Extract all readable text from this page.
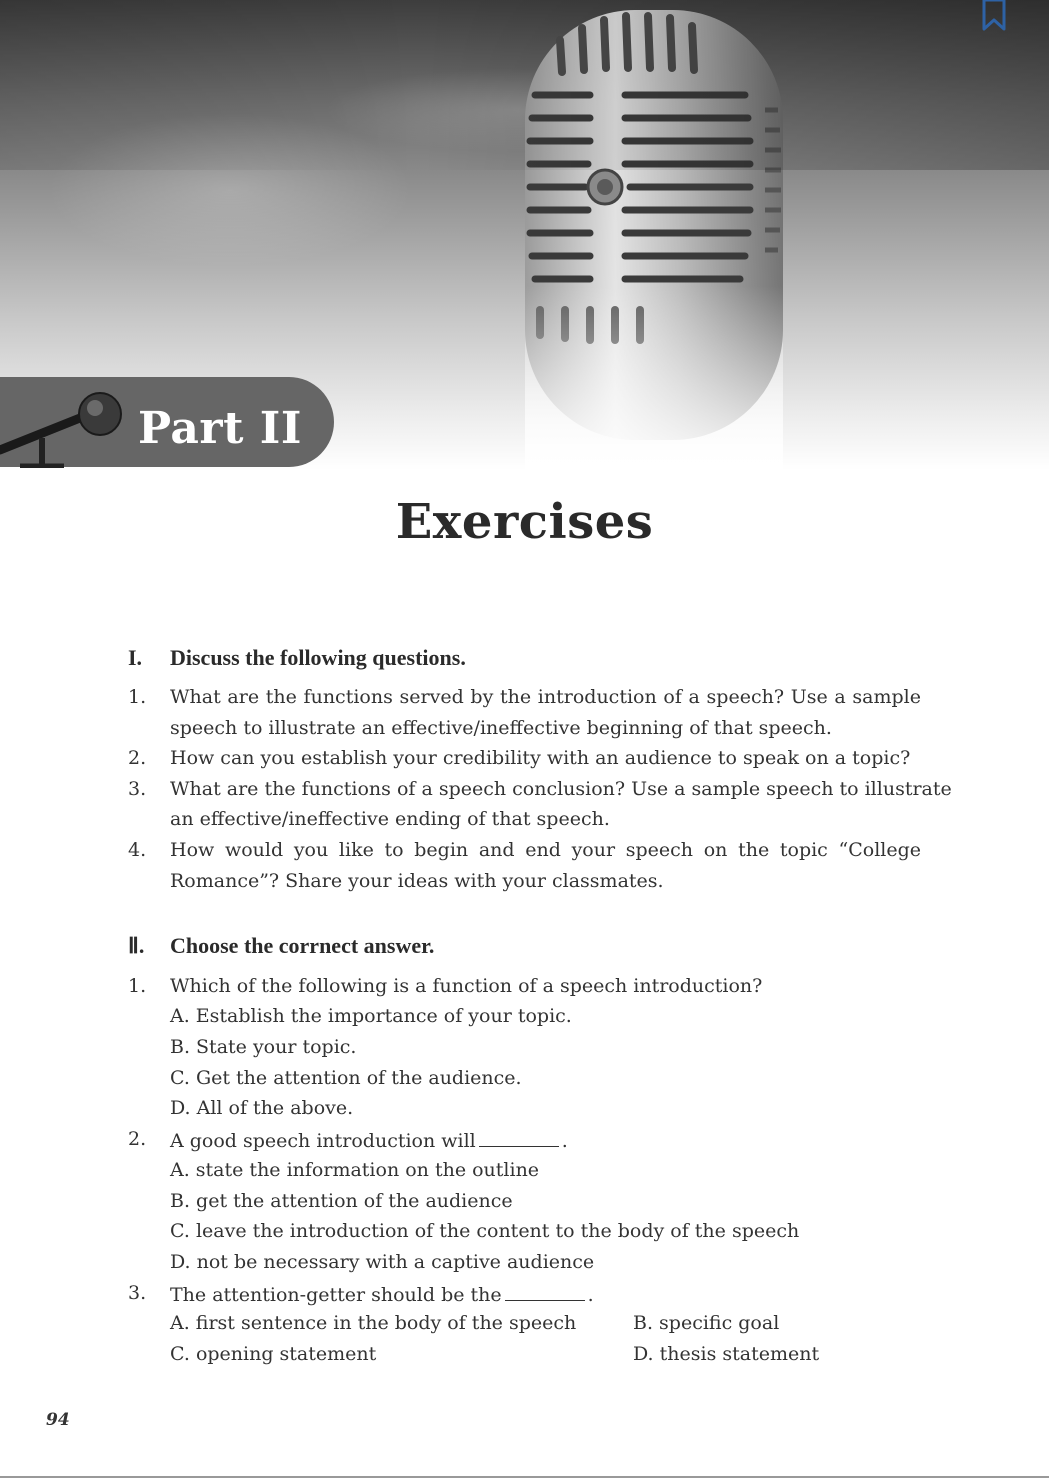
Part II
Exercises
I.	Discuss the following questions.
1. What are the functions served by the introduction of a speech? Use a sample
speech to illustrate an effective/ineffective beginning of that speech.
2. How can you establish your credibility with an audience to speak on a topic?
3. What are the functions of a speech conclusion? Use a sample speech to illustrate
an effective/ineffective ending of that speech.
4. How would you like to begin and end your speech on the topic “College
Romance”? Share your ideas with your classmates.
Ⅱ.	Choose the corrnect answer.
1. Which of the following is a function of a speech introduction?
A. Establish the importance of your topic.
B. State your topic.
C. Get the attention of the audience.
D. All of the above.
2. A good speech introduction will	.
A. state the information on the outline
B. get the attention of the audience
C. leave the introduction of the content to the body of the speech
D. not be necessary with a captive audience
3. The attention-getter should be the	.
A. first sentence in the body of the speech	B. specific goal
C. opening statement	D. thesis statement
94
